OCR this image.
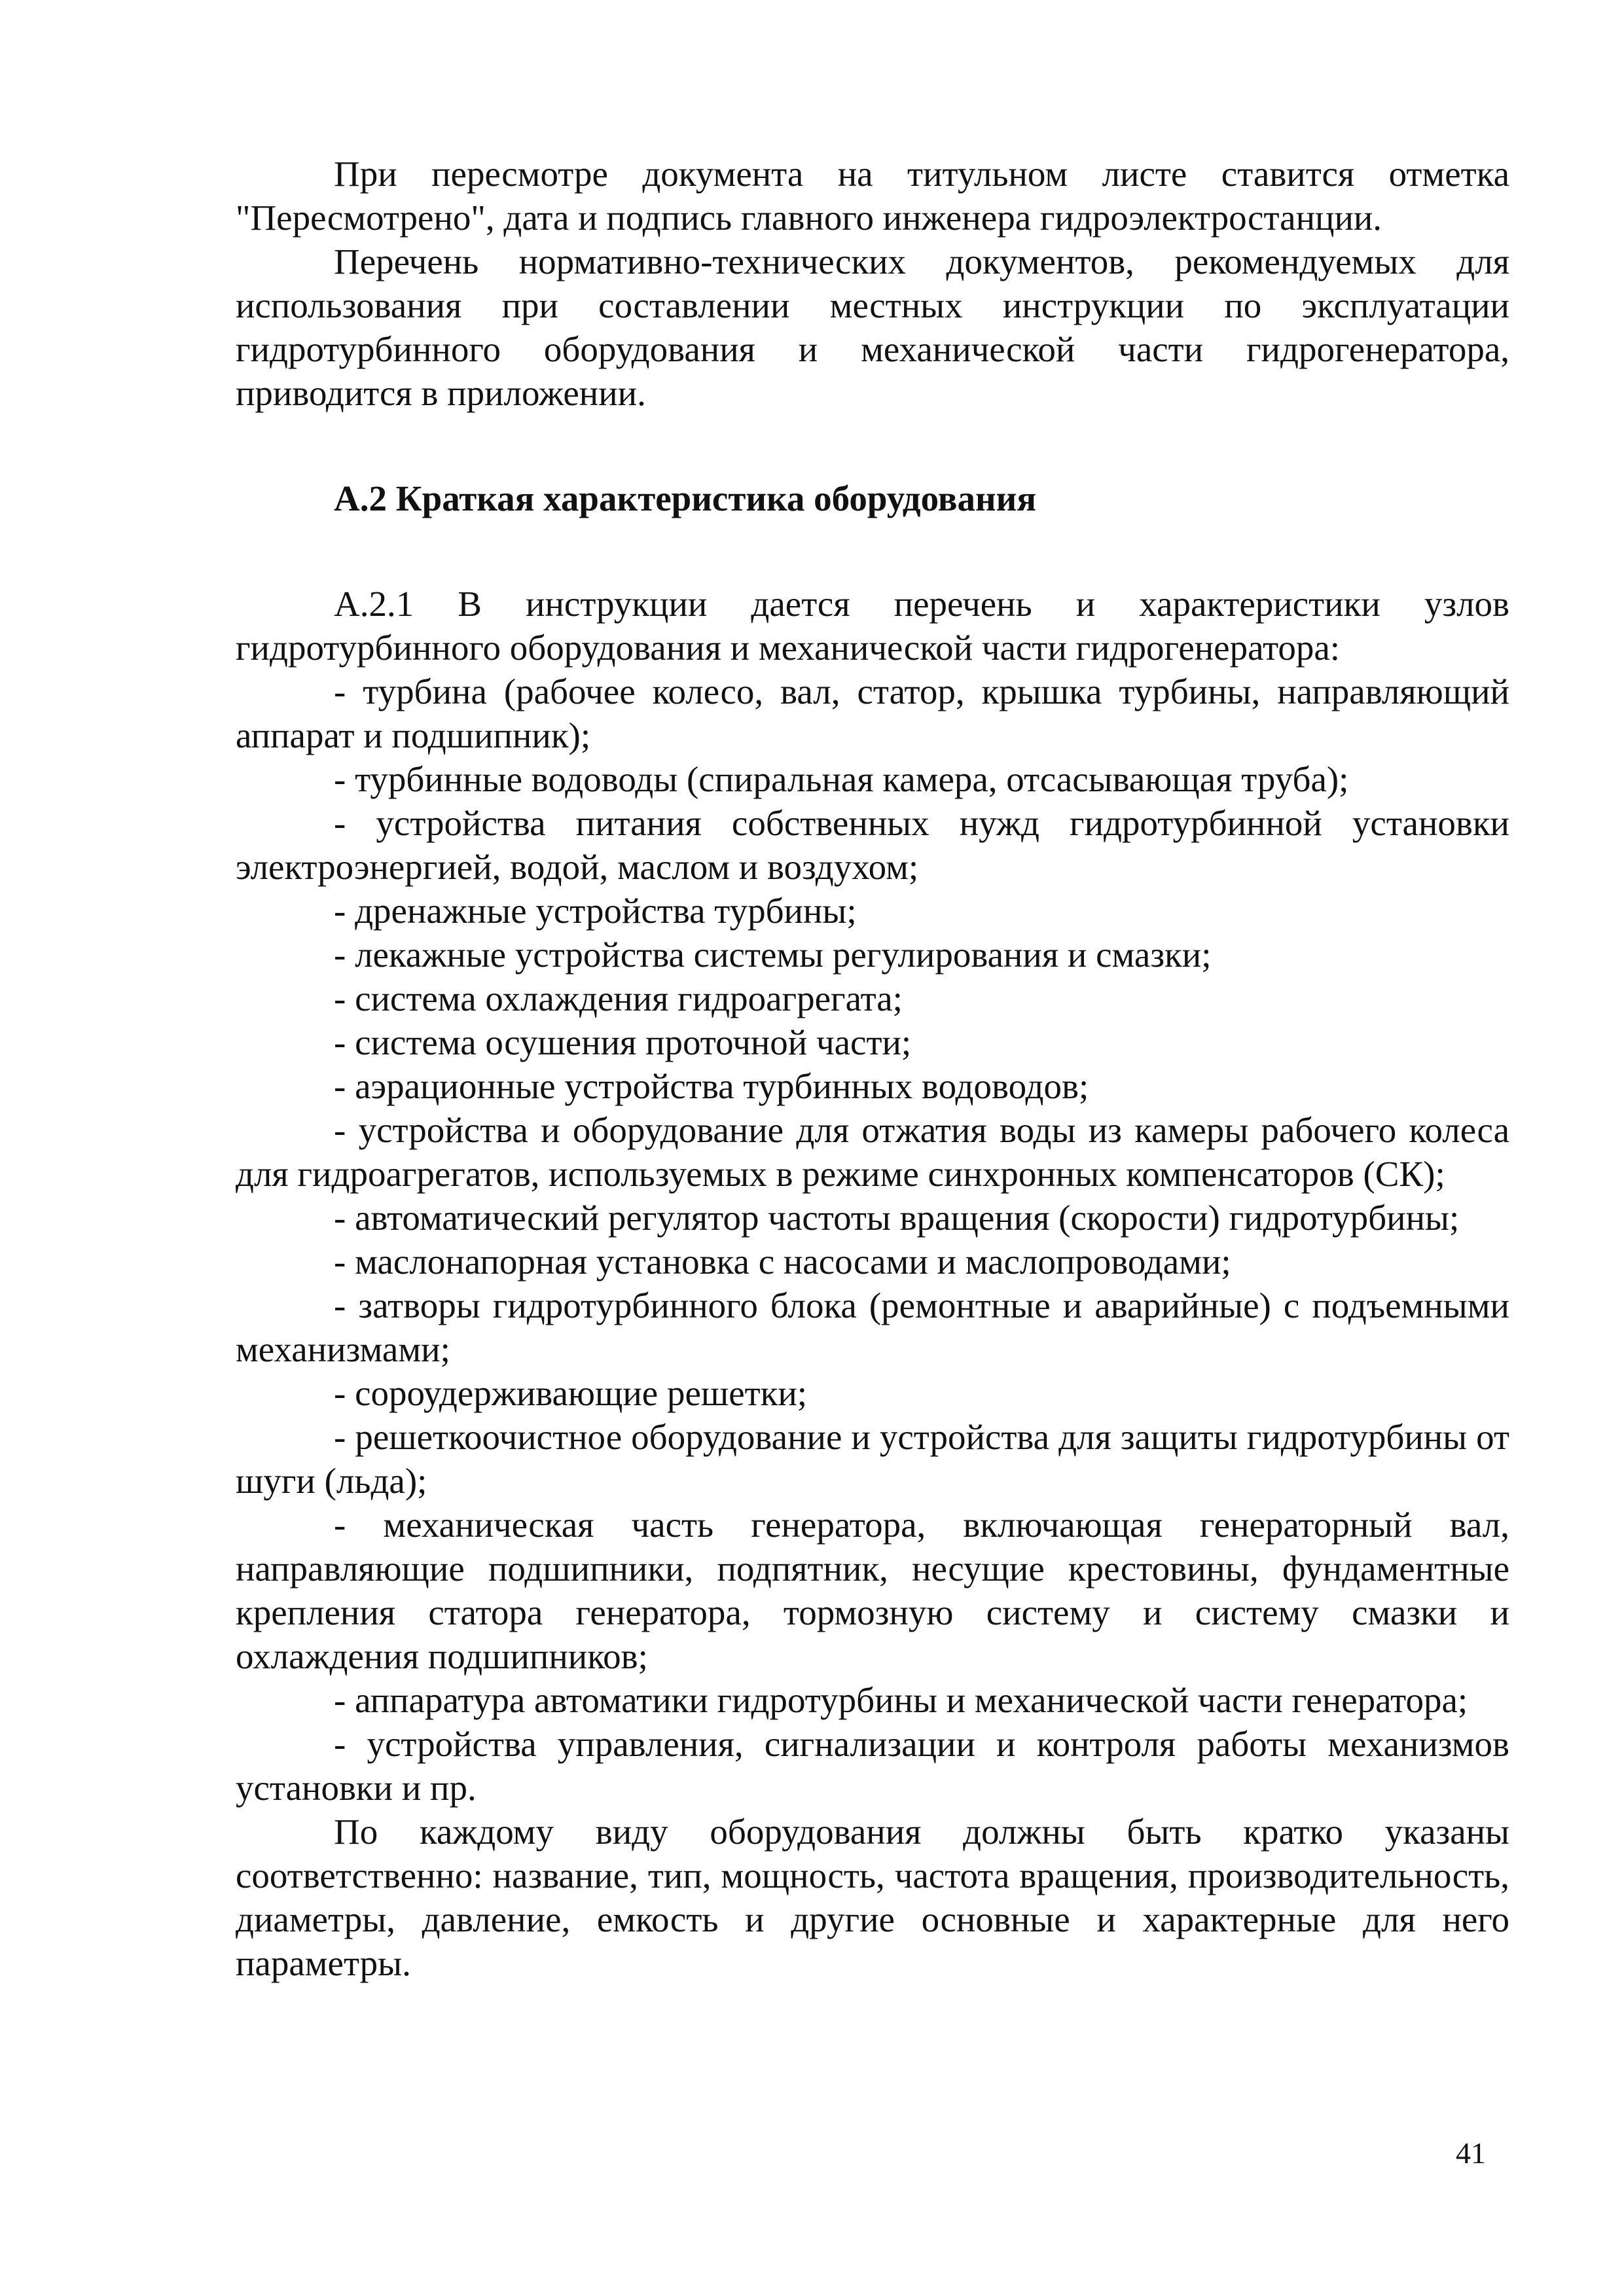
При пересмотре документа на титульном листе ставится отметка "Пересмотрено", дата и подпись главного инженера гидроэлектростанции.

Перечень нормативно-технических документов, рекомендуемых для использования при составлении местных инструкции по эксплуатации гидротурбинного оборудования и механической части гидрогенератора, приводится в приложении.

А.2 Краткая характеристика оборудования

А.2.1 В инструкции дается перечень и характеристики узлов гидротурбинного оборудования и механической части гидрогенератора:

- турбина (рабочее колесо, вал, статор, крышка турбины, направляющий аппарат и подшипник);

- турбинные водоводы (спиральная камера, отсасывающая труба);

- устройства питания собственных нужд гидротурбинной установки электроэнергией, водой, маслом и воздухом;

- дренажные устройства турбины;

- лекажные устройства системы регулирования и смазки;

- система охлаждения гидроагрегата;

- система осушения проточной части;

- аэрационные устройства турбинных водоводов;

- устройства и оборудование для отжатия воды из камеры рабочего колеса для гидроагрегатов, используемых в режиме синхронных компенсаторов (СК);

- автоматический регулятор частоты вращения (скорости) гидротурбины;

- маслонапорная установка с насосами и маслопроводами;

- затворы гидротурбинного блока (ремонтные и аварийные) с подъемными механизмами;

- сороудерживающие решетки;

- решеткоочистное оборудование и устройства для защиты гидротурбины от шуги (льда);

- механическая часть генератора, включающая генераторный вал, направляющие подшипники, подпятник, несущие крестовины, фундаментные крепления статора генератора, тормозную систему и систему смазки и охлаждения подшипников;

- аппаратура автоматики гидротурбины и механической части генератора;

- устройства управления, сигнализации и контроля работы механизмов установки и пр.

По каждому виду оборудования должны быть кратко указаны соответственно: название, тип, мощность, частота вращения, производительность, диаметры, давление, емкость и другие основные и характерные для него параметры.

41
